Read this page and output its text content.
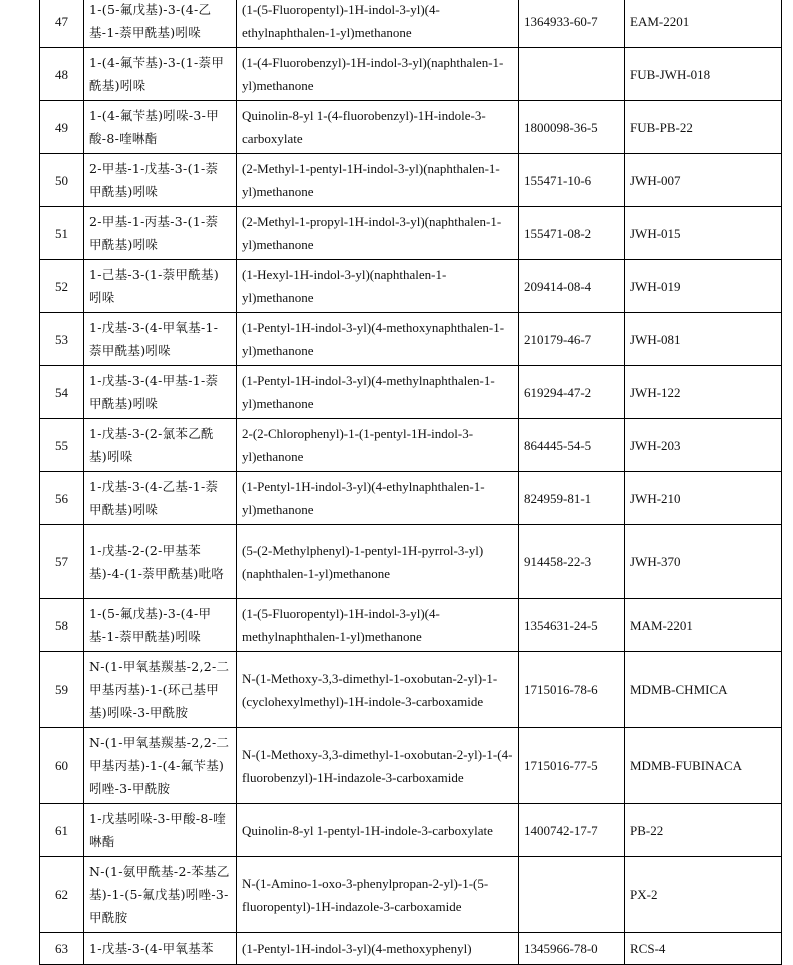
47	1-(5-氟戊基)-3-(4-乙基-1-萘甲酰基)吲哚	(1-(5-Fluoropentyl)-1H-indol-3-yl)(4-ethylnaphthalen-1-yl)methanone	1364933-60-7	EAM-2201
48	1-(4-氟苄基)-3-(1-萘甲酰基)吲哚	(1-(4-Fluorobenzyl)-1H-indol-3-yl)(naphthalen-1-yl)methanone		FUB-JWH-018
49	1-(4-氟苄基)吲哚-3-甲酸-8-喹啉酯	Quinolin-8-yl 1-(4-fluorobenzyl)-1H-indole-3-carboxylate	1800098-36-5	FUB-PB-22
50	2-甲基-1-戊基-3-(1-萘甲酰基)吲哚	(2-Methyl-1-pentyl-1H-indol-3-yl)(naphthalen-1-yl)methanone	155471-10-6	JWH-007
51	2-甲基-1-丙基-3-(1-萘甲酰基)吲哚	(2-Methyl-1-propyl-1H-indol-3-yl)(naphthalen-1-yl)methanone	155471-08-2	JWH-015
52	1-己基-3-(1-萘甲酰基)吲哚	(1-Hexyl-1H-indol-3-yl)(naphthalen-1-yl)methanone	209414-08-4	JWH-019
53	1-戊基-3-(4-甲氧基-1-萘甲酰基)吲哚	(1-Pentyl-1H-indol-3-yl)(4-methoxynaphthalen-1-yl)methanone	210179-46-7	JWH-081
54	1-戊基-3-(4-甲基-1-萘甲酰基)吲哚	(1-Pentyl-1H-indol-3-yl)(4-methylnaphthalen-1-yl)methanone	619294-47-2	JWH-122
55	1-戊基-3-(2-氯苯乙酰基)吲哚	2-(2-Chlorophenyl)-1-(1-pentyl-1H-indol-3-yl)ethanone	864445-54-5	JWH-203
56	1-戊基-3-(4-乙基-1-萘甲酰基)吲哚	(1-Pentyl-1H-indol-3-yl)(4-ethylnaphthalen-1-yl)methanone	824959-81-1	JWH-210
57	1-戊基-2-(2-甲基苯基)-4-(1-萘甲酰基)吡咯	(5-(2-Methylphenyl)-1-pentyl-1H-pyrrol-3-yl)(naphthalen-1-yl)methanone	914458-22-3	JWH-370
58	1-(5-氟戊基)-3-(4-甲基-1-萘甲酰基)吲哚	(1-(5-Fluoropentyl)-1H-indol-3-yl)(4-methylnaphthalen-1-yl)methanone	1354631-24-5	MAM-2201
59	N-(1-甲氧基羰基-2,2-二甲基丙基)-1-(环己基甲基)吲哚-3-甲酰胺	N-(1-Methoxy-3,3-dimethyl-1-oxobutan-2-yl)-1-(cyclohexylmethyl)-1H-indole-3-carboxamide	1715016-78-6	MDMB-CHMICA
60	N-(1-甲氧基羰基-2,2-二甲基丙基)-1-(4-氟苄基)吲唑-3-甲酰胺	N-(1-Methoxy-3,3-dimethyl-1-oxobutan-2-yl)-1-(4-fluorobenzyl)-1H-indazole-3-carboxamide	1715016-77-5	MDMB-FUBINACA
61	1-戊基吲哚-3-甲酸-8-喹啉酯	Quinolin-8-yl 1-pentyl-1H-indole-3-carboxylate	1400742-17-7	PB-22
62	N-(1-氨甲酰基-2-苯基乙基)-1-(5-氟戊基)吲唑-3-甲酰胺	N-(1-Amino-1-oxo-3-phenylpropan-2-yl)-1-(5-fluoropentyl)-1H-indazole-3-carboxamide		PX-2
63	1-戊基-3-(4-甲氧基苯	(1-Pentyl-1H-indol-3-yl)(4-methoxyphenyl)	1345966-78-0	RCS-4
